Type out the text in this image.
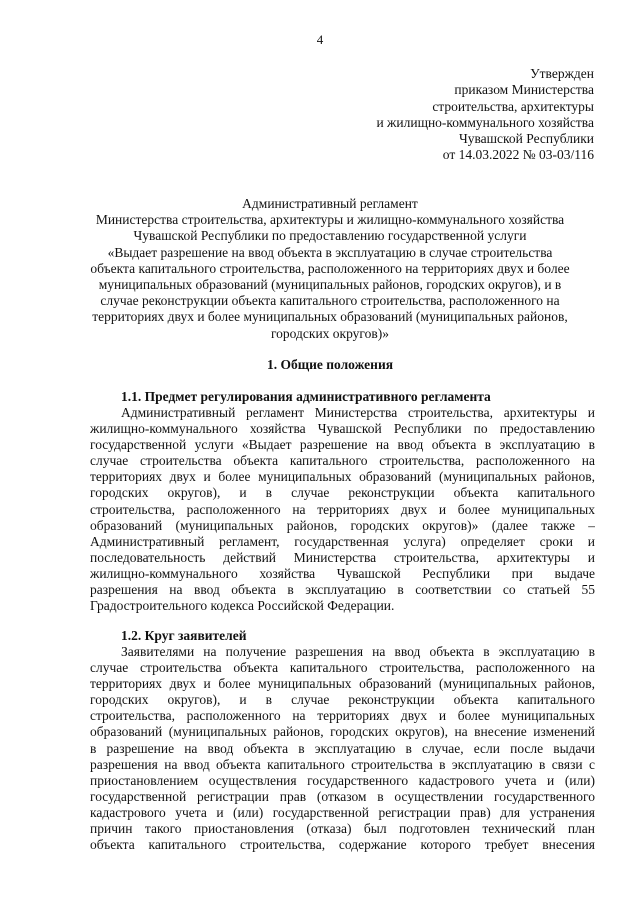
4
Утвержден
приказом Министерства
строительства, архитектуры
и жилищно-коммунального хозяйства
Чувашской Республики
от 14.03.2022 № 03-03/116
Административный регламент
Министерства строительства, архитектуры и жилищно-коммунального хозяйства
Чувашской Республики по предоставлению государственной услуги
«Выдает разрешение на ввод объекта в эксплуатацию в случае строительства
объекта капитального строительства, расположенного на территориях двух и более
муниципальных образований (муниципальных районов, городских округов), и в
случае реконструкции объекта капитального строительства, расположенного на
территориях двух и более муниципальных образований (муниципальных районов,
городских округов)»
1. Общие положения
1.1. Предмет регулирования административного регламента
Административный регламент Министерства строительства, архитектуры и
жилищно-коммунального хозяйства Чувашской Республики по предоставлению
государственной услуги «Выдает разрешение на ввод объекта в эксплуатацию в
случае строительства объекта капитального строительства, расположенного на
территориях двух и более муниципальных образований (муниципальных районов,
городских округов), и в случае реконструкции объекта капитального
строительства, расположенного на территориях двух и более муниципальных
образований (муниципальных районов, городских округов)» (далее также –
Административный регламент, государственная услуга) определяет сроки и
последовательность действий Министерства строительства, архитектуры и
жилищно-коммунального хозяйства Чувашской Республики при выдаче
разрешения на ввод объекта в эксплуатацию в соответствии со статьей 55
Градостроительного кодекса Российской Федерации.
1.2. Круг заявителей
Заявителями на получение разрешения на ввод объекта в эксплуатацию в
случае строительства объекта капитального строительства, расположенного на
территориях двух и более муниципальных образований (муниципальных районов,
городских округов), и в случае реконструкции объекта капитального
строительства, расположенного на территориях двух и более муниципальных
образований (муниципальных районов, городских округов), на внесение изменений
в разрешение на ввод объекта в эксплуатацию в случае, если после выдачи
разрешения на ввод объекта капитального строительства в эксплуатацию в связи с
приостановлением осуществления государственного кадастрового учета и (или)
государственной регистрации прав (отказом в осуществлении государственного
кадастрового учета и (или) государственной регистрации прав) для устранения
причин такого приостановления (отказа) был подготовлен технический план
объекта капитального строительства, содержание которого требует внесения
